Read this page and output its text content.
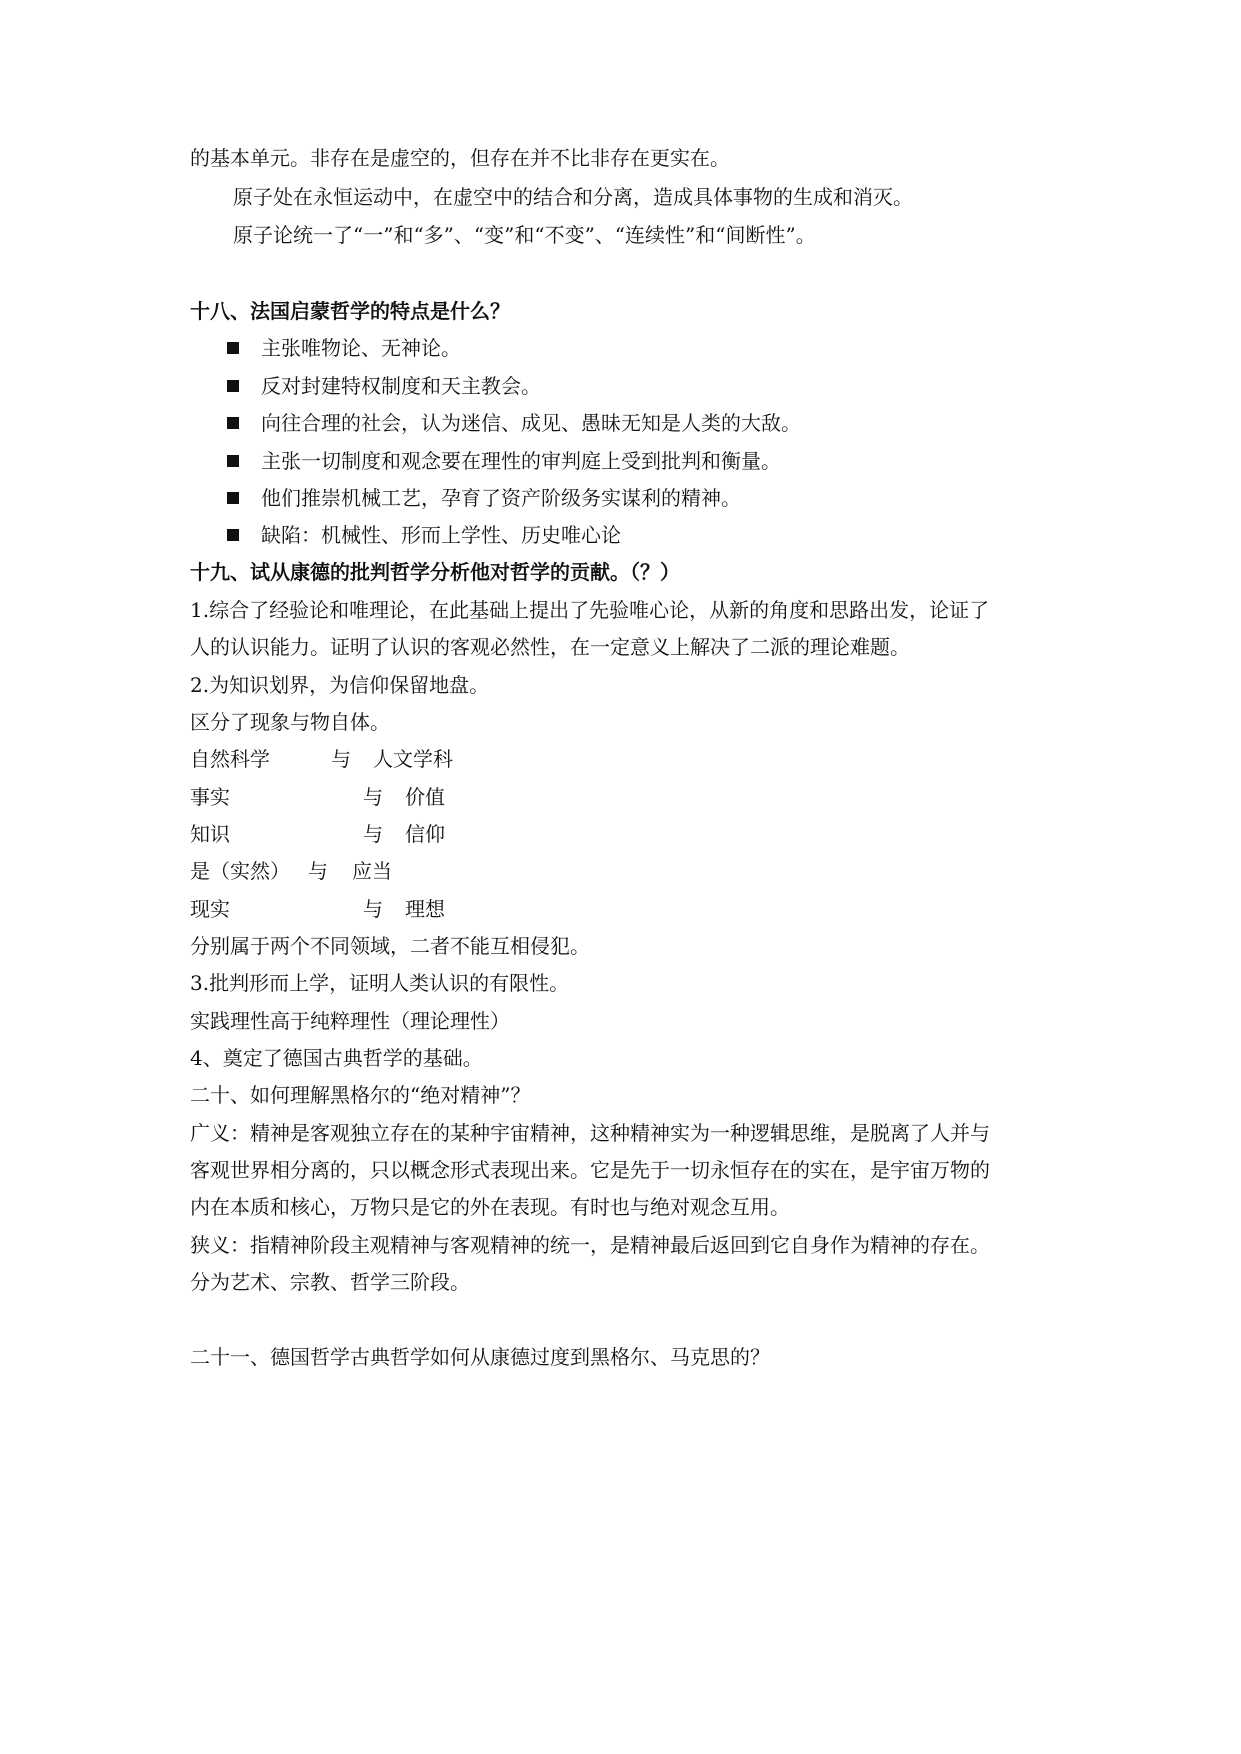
的基本单元。非存在是虚空的，但存在并不比非存在更实在。
原子处在永恒运动中，在虚空中的结合和分离，造成具体事物的生成和消灭。
原子论统一了“一”和“多”、“变”和“不变”、“连续性”和“间断性”。
十八、法国启蒙哲学的特点是什么？
主张唯物论、无神论。
反对封建特权制度和天主教会。
向往合理的社会，认为迷信、成见、愚昧无知是人类的大敌。
主张一切制度和观念要在理性的审判庭上受到批判和衡量。
他们推崇机械工艺，孕育了资产阶级务实谋利的精神。
缺陷：机械性、形而上学性、历史唯心论
十九、试从康德的批判哲学分析他对哲学的贡献。（？）
1.综合了经验论和唯理论，在此基础上提出了先验唯心论，从新的角度和思路出发，论证了
人的认识能力。证明了认识的客观必然性，在一定意义上解决了二派的理论难题。
2.为知识划界，为信仰保留地盘。
区分了现象与物自体。
自然科学	与 人文学科
事实	与 价值
知识	与 信仰
是（实然） 与 应当
现实	与 理想
分别属于两个不同领域，二者不能互相侵犯。
3.批判形而上学，证明人类认识的有限性。
实践理性高于纯粹理性（理论理性）
4、奠定了德国古典哲学的基础。
二十、如何理解黑格尔的“绝对精神”？
广义：精神是客观独立存在的某种宇宙精神，这种精神实为一种逻辑思维，是脱离了人并与
客观世界相分离的，只以概念形式表现出来。它是先于一切永恒存在的实在，是宇宙万物的
内在本质和核心，万物只是它的外在表现。有时也与绝对观念互用。
狭义：指精神阶段主观精神与客观精神的统一，是精神最后返回到它自身作为精神的存在。
分为艺术、宗教、哲学三阶段。
二十一、德国哲学古典哲学如何从康德过度到黑格尔、马克思的？
